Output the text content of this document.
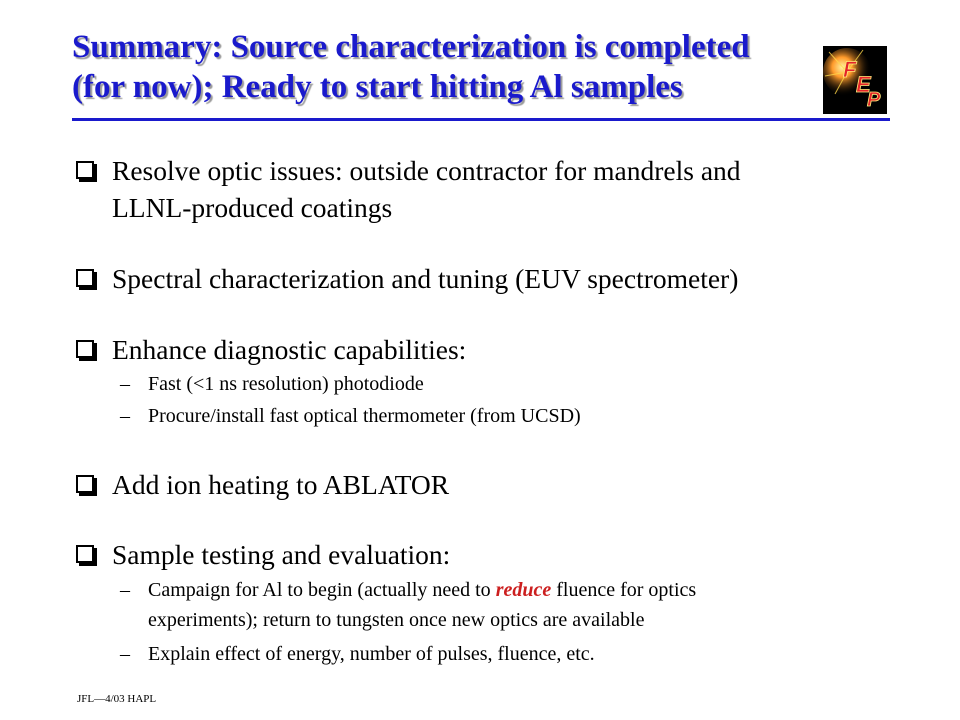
Summary: Source characterization is completed
(for now); Ready to start hitting Al samples	F
E
P
Resolve optic issues: outside contractor for mandrels and
LLNL-produced coatings
Spectral characterization and tuning (EUV spectrometer)
Enhance diagnostic capabilities:
– Fast (<1 ns resolution) photodiode
– Procure/install fast optical thermometer (from UCSD)
Add ion heating to ABLATOR
Sample testing and evaluation:
– Campaign for Al to begin (actually need to reduce fluence for optics
experiments); return to tungsten once new optics are available
– Explain effect of energy, number of pulses, fluence, etc.
JFL—4/03 HAPL
